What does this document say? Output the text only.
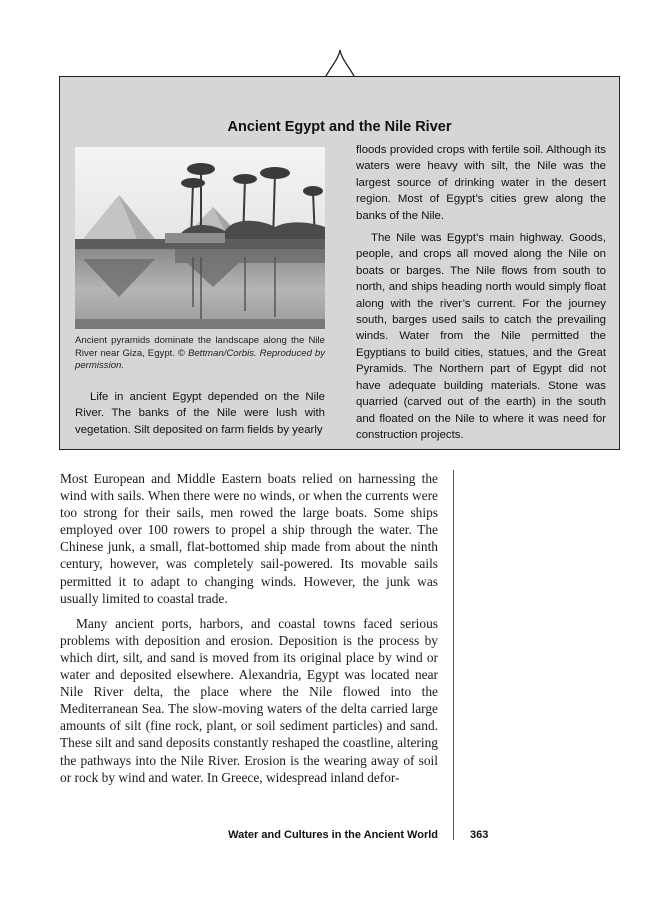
Ancient Egypt and the Nile River

Ancient pyramids dominate the landscape along the Nile River near Giza, Egypt. © Bettman/Corbis. Reproduced by permission.

Life in ancient Egypt depended on the Nile River. The banks of the Nile were lush with vegetation. Silt deposited on farm fields by yearly

floods provided crops with fertile soil. Although its waters were heavy with silt, the Nile was the largest source of drinking water in the desert region. Most of Egypt’s cities grew along the banks of the Nile.

The Nile was Egypt’s main highway. Goods, people, and crops all moved along the Nile on boats or barges. The Nile flows from south to north, and ships heading north would simply float along with the river’s current. For the journey south, barges used sails to catch the prevailing winds. Water from the Nile permitted the Egyptians to build cities, statues, and the Great Pyramids. The Northern part of Egypt did not have adequate building materials. Stone was quarried (carved out of the earth) in the south and floated on the Nile to where it was need for construction projects.

Most European and Middle Eastern boats relied on harnessing the wind with sails. When there were no winds, or when the currents were too strong for their sails, men rowed the large boats. Some ships employed over 100 rowers to propel a ship through the water. The Chinese junk, a small, flat-bottomed ship made from about the ninth century, however, was completely sail-powered. Its movable sails permitted it to adapt to changing winds. However, the junk was usually limited to coastal trade.

Many ancient ports, harbors, and coastal towns faced serious problems with deposition and erosion. Deposition is the process by which dirt, silt, and sand is moved from its original place by wind or water and deposited elsewhere. Alexandria, Egypt was located near Nile River delta, the place where the Nile flowed into the Mediterranean Sea. The slow-moving waters of the delta carried large amounts of silt (fine rock, plant, or soil sediment particles) and sand. These silt and sand deposits constantly reshaped the coastline, altering the pathways into the Nile River. Erosion is the wearing away of soil or rock by wind and water. In Greece, widespread inland defor-

Water and Cultures in the Ancient World	363
